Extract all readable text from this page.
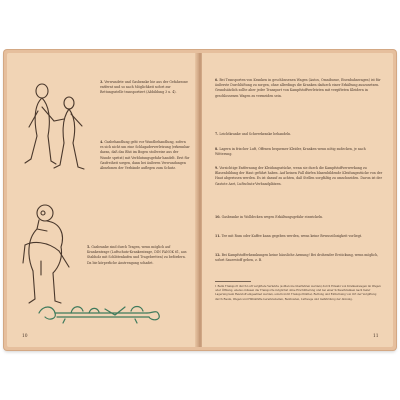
3. Verwundete und Gasbranke bie aus der Gefahrzone entfernt und so nach Möglichkeit sofort zur Rettungsstelle transportiert (Abbildung 3 u. 4).
4. Gasbehandlung geht vor Wundbehandlung, sofern es sich nicht um eine Schlagaderverletzung (erkennbar daran, daß das Blut im Bogen stoßweise aus der Wunde spritzt) mit Verblutungsgefahr handelt. Erst für Gasfreiheit sorgen, dann bei äußeren Verwundungen Abnehmen der Verbände auflegen zum Schutz.
5. Gasbranke sind durch Tragen, wenn möglich auf Krankentrage (Luftschutz-Krankentrage, DIN FANOK 61, aus Stabholz mit Schlittenkufen und Tragebretten) zu befördern. Da bie körperliche Anstrengung schadet.
10
6. Bei Transporten von Kranken in geschlossenen Wagen (Autos, Omnibusse, Eisenbahnwagen) ist für äußerste Durchlüftung zu sorgen, ohne allerdings die Kranken dadurch einer Erkältung auszusetzen. Grundsätzlich sollte aber jeder Transport von Kampfstoffverletzten mit vergifteten Kleidern in geschlossenen Wagen zu vermeiden sein.
7. Leichtkranke und Schwerkranke behandeln.
8. Lagern in frischer Luft, Offenen bequemer Kleider, Kranken wenn nötig zudecken, je nach Witterung.
9. Vorsichtige Entfernung der Kleidungsstücke, wenn sie durch die Kampfstoffverwerkung zu Blasenbildung der Haut geführt haben. Auf keinen Fall dürfen blasenbildende Kleidungsstücke von der Haut abgerissen werden. Es ist darauf zu achten, daß Stellen sorgfältig zu umschneiden. Davon ist der Gastote Arzt, Luftschutz-Verbandplätzen.
10. Gasbranke in Wolldecken wegen Erkältungsgefahr einwickeln.
11. Tee mit Rum oder Kaffee kann gegeben werden, wenn keine Bewusstlosigkeit vorliegt.
12. Bei Kampfstofferkrankungen keine häusliche Armung! Bei drohender Erstickung, wenn möglich, sofort Sauerstoff geben, z. B.
1 Beim Transport durch Luft vergiftete Verletzte (sollten nie überfahren werden) durch Einsatz von Krankenwagen im Wagen oder Öffnung, ebenso müssen die Transporte möglichst ohne Erschütterung und bei einer Schwerkranken nach tiefer Lagerung kein Reizstoff eingeatmet werden, sofern nicht Transportmittel, Rettung und Entfernung von Ort der Vergiftung durch Raum, Wagen und Hilfskräfte bereitzustellen, Reizhusten, Luftwege und Gefährdung der Atmung.
11
